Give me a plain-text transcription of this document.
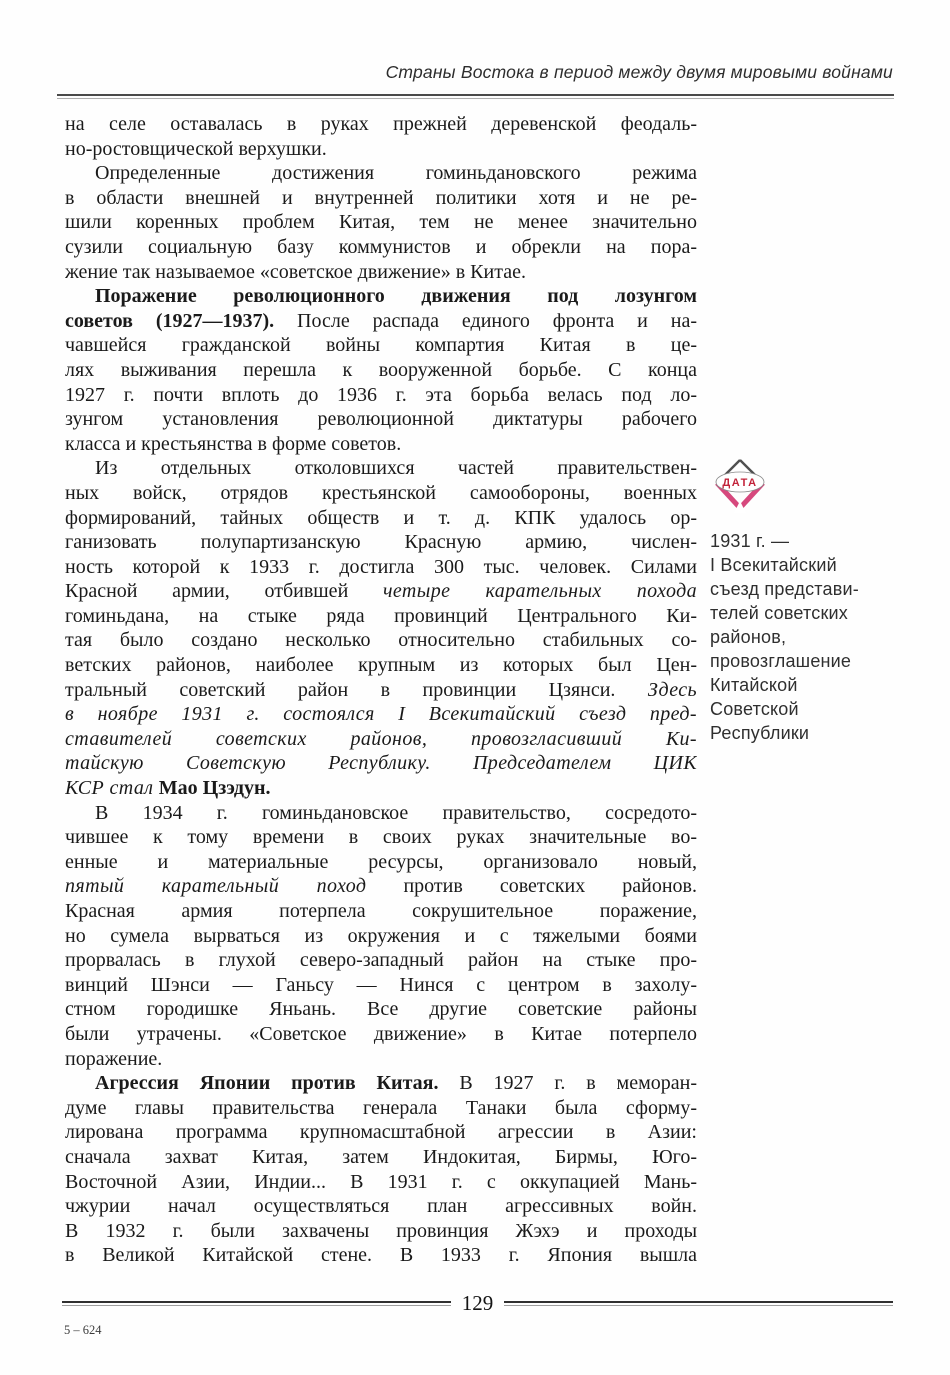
Страны Востока в период между двумя мировыми войнами
на селе оставалась в руках прежней деревенской феодаль-
но-ростовщической верхушки.
Определенные достижения гоминьдановского режима
в области внешней и внутренней политики хотя и не ре-
шили коренных проблем Китая, тем не менее значительно
сузили социальную базу коммунистов и обрекли на пора-
жение так называемое «советское движение» в Китае.
Поражение революционного движения под лозунгом
советов (1927—1937). После распада единого фронта и на-
чавшейся гражданской войны компартия Китая в це-
лях выживания перешла к вооруженной борьбе. С конца
1927 г. почти вплоть до 1936 г. эта борьба велась под ло-
зунгом установления революционной диктатуры рабочего
класса и крестьянства в форме советов.
Из отдельных отколовшихся частей правительствен-
ных войск, отрядов крестьянской самообороны, военных
формирований, тайных обществ и т. д. КПК удалось ор-
ганизовать полупартизанскую Красную армию, числен-
ность которой к 1933 г. достигла 300 тыс. человек. Силами
Красной армии, отбившей четыре карательных похода
гоминьдана, на стыке ряда провинций Центрального Ки-
тая было создано несколько относительно стабильных со-
ветских районов, наиболее крупным из которых был Цен-
тральный советский район в провинции Цзянси. Здесь
в ноябре 1931 г. состоялся I Всекитайский съезд пред-
ставителей советских районов, провозгласивший Ки-
тайскую Советскую Республику. Председателем ЦИК
КСР стал Мао Цзэдун.
В 1934 г. гоминьдановское правительство, сосредото-
чившее к тому времени в своих руках значительные во-
енные и материальные ресурсы, организовало новый,
пятый карательный поход против советских районов.
Красная армия потерпела сокрушительное поражение,
но сумела вырваться из окружения и с тяжелыми боями
прорвалась в глухой северо-западный район на стыке про-
винций Шэнси — Ганьсу — Нинся с центром в захолу-
стном городишке Яньань. Все другие советские районы
были утрачены. «Советское движение» в Китае потерпело
поражение.
Агрессия Японии против Китая. В 1927 г. в меморан-
думе главы правительства генерала Танаки была сформу-
лирована программа крупномасштабной агрессии в Азии:
сначала захват Китая, затем Индокитая, Бирмы, Юго-
Восточной Азии, Индии... В 1931 г. с оккупацией Мань-
чжурии начал осуществляться план агрессивных войн.
В 1932 г. были захвачены провинция Жэхэ и проходы
в Великой Китайской стене. В 1933 г. Япония вышла
ДАТА
1931 г. —
I Всекитайский
съезд представи-
телей советских
районов,
провозглашение
Китайской
Советской
Республики
129
5 – 624
